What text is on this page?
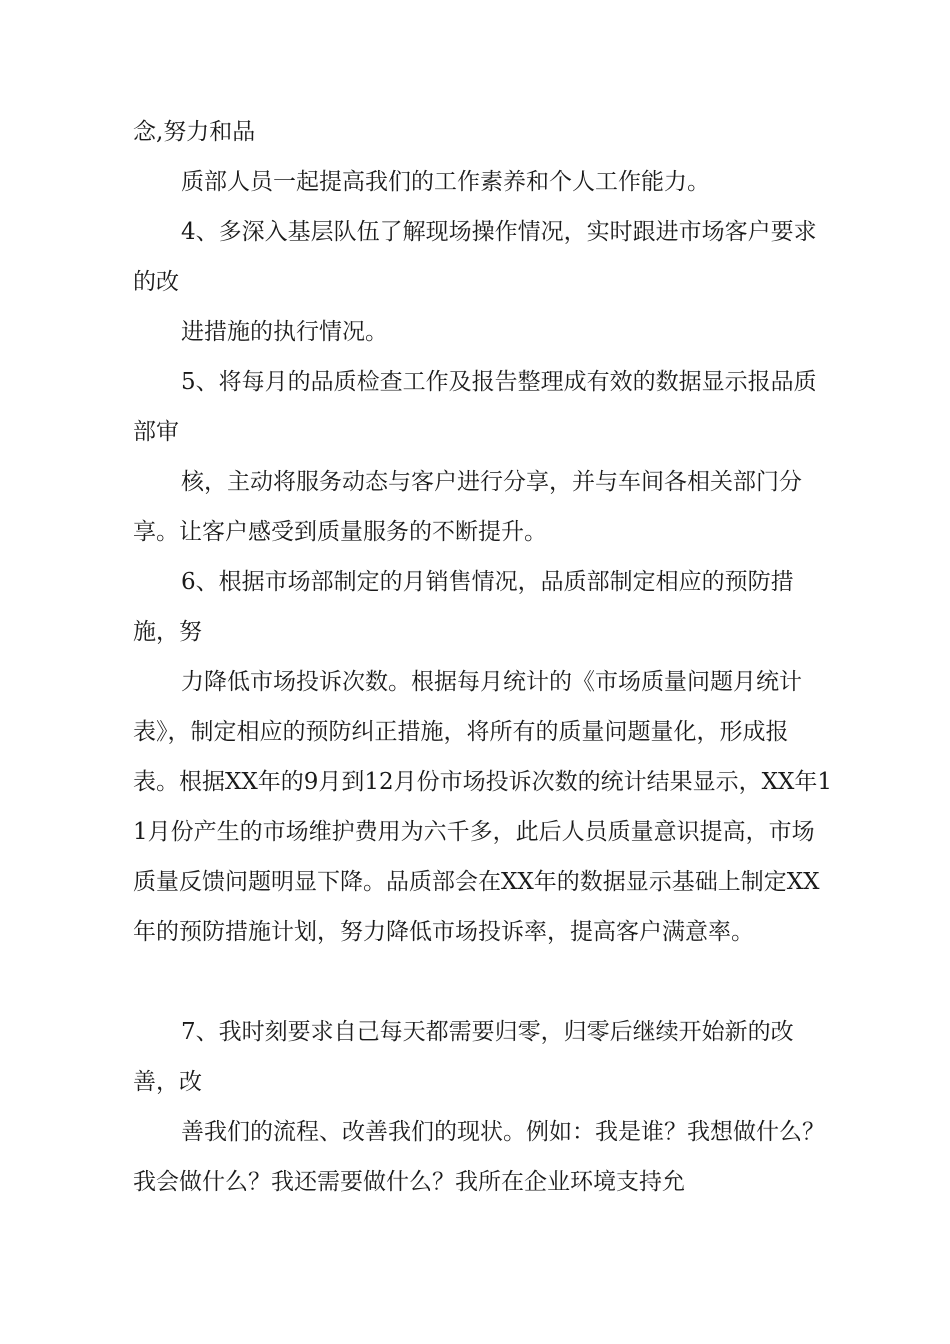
念,努力和品

质部人员一起提高我们的工作素养和个人工作能力。

4、多深入基层队伍了解现场操作情况，实时跟进市场客户要求的改

进措施的执行情况。

5、将每月的品质检查工作及报告整理成有效的数据显示报品质部审

核，主动将服务动态与客户进行分享，并与车间各相关部门分享。让客户感受到质量服务的不断提升。

6、根据市场部制定的月销售情况，品质部制定相应的预防措施，努

力降低市场投诉次数。根据每月统计的《市场质量问题月统计表》，制定相应的预防纠正措施，将所有的质量问题量化，形成报表。根据XX年的9月到12月份市场投诉次数的统计结果显示，XX年11月份产生的市场维护费用为六千多，此后人员质量意识提高，市场质量反馈问题明显下降。品质部会在XX年的数据显示基础上制定XX年的预防措施计划，努力降低市场投诉率，提高客户满意率。

7、我时刻要求自己每天都需要归零，归零后继续开始新的改善，改

善我们的流程、改善我们的现状。例如：我是谁？我想做什么？我会做什么？我还需要做什么？我所在企业环境支持允
